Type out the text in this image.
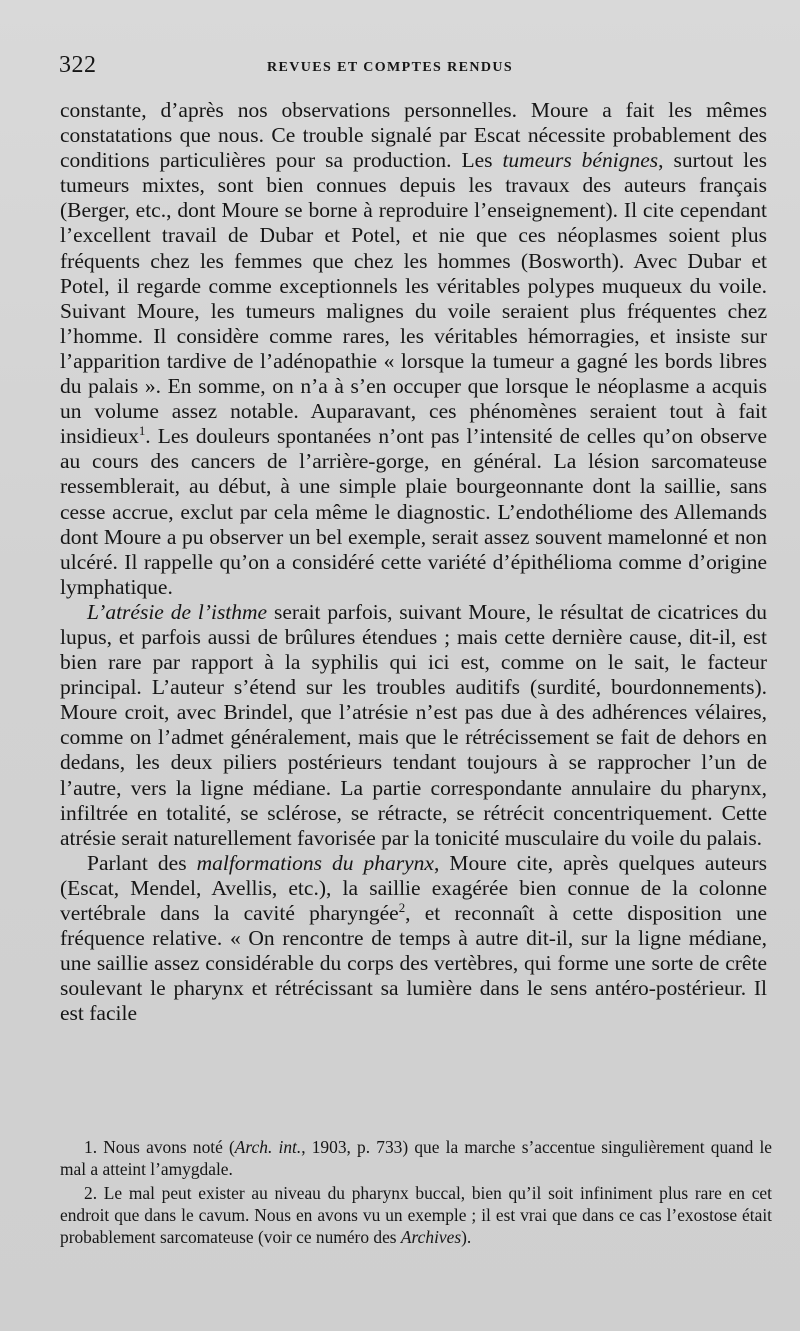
322	REVUES ET COMPTES RENDUS

constante, d’après nos observations personnelles. Moure a fait les mêmes constatations que nous. Ce trouble signalé par Escat nécessite probablement des conditions particulières pour sa production. Les tumeurs bénignes, surtout les tumeurs mixtes, sont bien connues depuis les travaux des auteurs français (Berger, etc., dont Moure se borne à reproduire l’enseignement). Il cite cependant l’excellent travail de Dubar et Potel, et nie que ces néoplasmes soient plus fréquents chez les femmes que chez les hommes (Bosworth). Avec Dubar et Potel, il regarde comme exceptionnels les véritables polypes muqueux du voile. Suivant Moure, les tumeurs malignes du voile seraient plus fréquentes chez l’homme. Il considère comme rares, les véritables hémorragies, et insiste sur l’apparition tardive de l’adénopathie « lorsque la tumeur a gagné les bords libres du palais ». En somme, on n’a à s’en occuper que lorsque le néoplasme a acquis un volume assez notable. Auparavant, ces phénomènes seraient tout à fait insidieux$^1$. Les douleurs spontanées n’ont pas l’intensité de celles qu’on observe au cours des cancers de l’arrière-gorge, en général. La lésion sarcomateuse ressemblerait, au début, à une simple plaie bourgeonnante dont la saillie, sans cesse accrue, exclut par cela même le diagnostic. L’endothéliome des Allemands dont Moure a pu observer un bel exemple, serait assez souvent mamelonné et non ulcéré. Il rappelle qu’on a considéré cette variété d’épithélioma comme d’origine lymphatique.

L’atrésie de l’isthme serait parfois, suivant Moure, le résultat de cicatrices du lupus, et parfois aussi de brûlures étendues ; mais cette dernière cause, dit-il, est bien rare par rapport à la syphilis qui ici est, comme on le sait, le facteur principal. L’auteur s’étend sur les troubles auditifs (surdité, bourdonnements). Moure croit, avec Brindel, que l’atrésie n’est pas due à des adhérences vélaires, comme on l’admet généralement, mais que le rétrécissement se fait de dehors en dedans, les deux piliers postérieurs tendant toujours à se rapprocher l’un de l’autre, vers la ligne médiane. La partie correspondante annulaire du pharynx, infiltrée en totalité, se sclérose, se rétracte, se rétrécit concentriquement. Cette atrésie serait naturellement favorisée par la tonicité musculaire du voile du palais.

Parlant des malformations du pharynx, Moure cite, après quelques auteurs (Escat, Mendel, Avellis, etc.), la saillie exagérée bien connue de la colonne vertébrale dans la cavité pharyngée$^2$, et reconnaît à cette disposition une fréquence relative. « On rencontre de temps à autre dit-il, sur la ligne médiane, une saillie assez considérable du corps des vertèbres, qui forme une sorte de crête soulevant le pharynx et rétrécissant sa lumière dans le sens antéro-postérieur. Il est facile

1. Nous avons noté (Arch. int., 1903, p. 733) que la marche s’accentue singulièrement quand le mal a atteint l’amygdale.

2. Le mal peut exister au niveau du pharynx buccal, bien qu’il soit infiniment plus rare en cet endroit que dans le cavum. Nous en avons vu un exemple ; il est vrai que dans ce cas l’exostose était probablement sarcomateuse (voir ce numéro des Archives).
